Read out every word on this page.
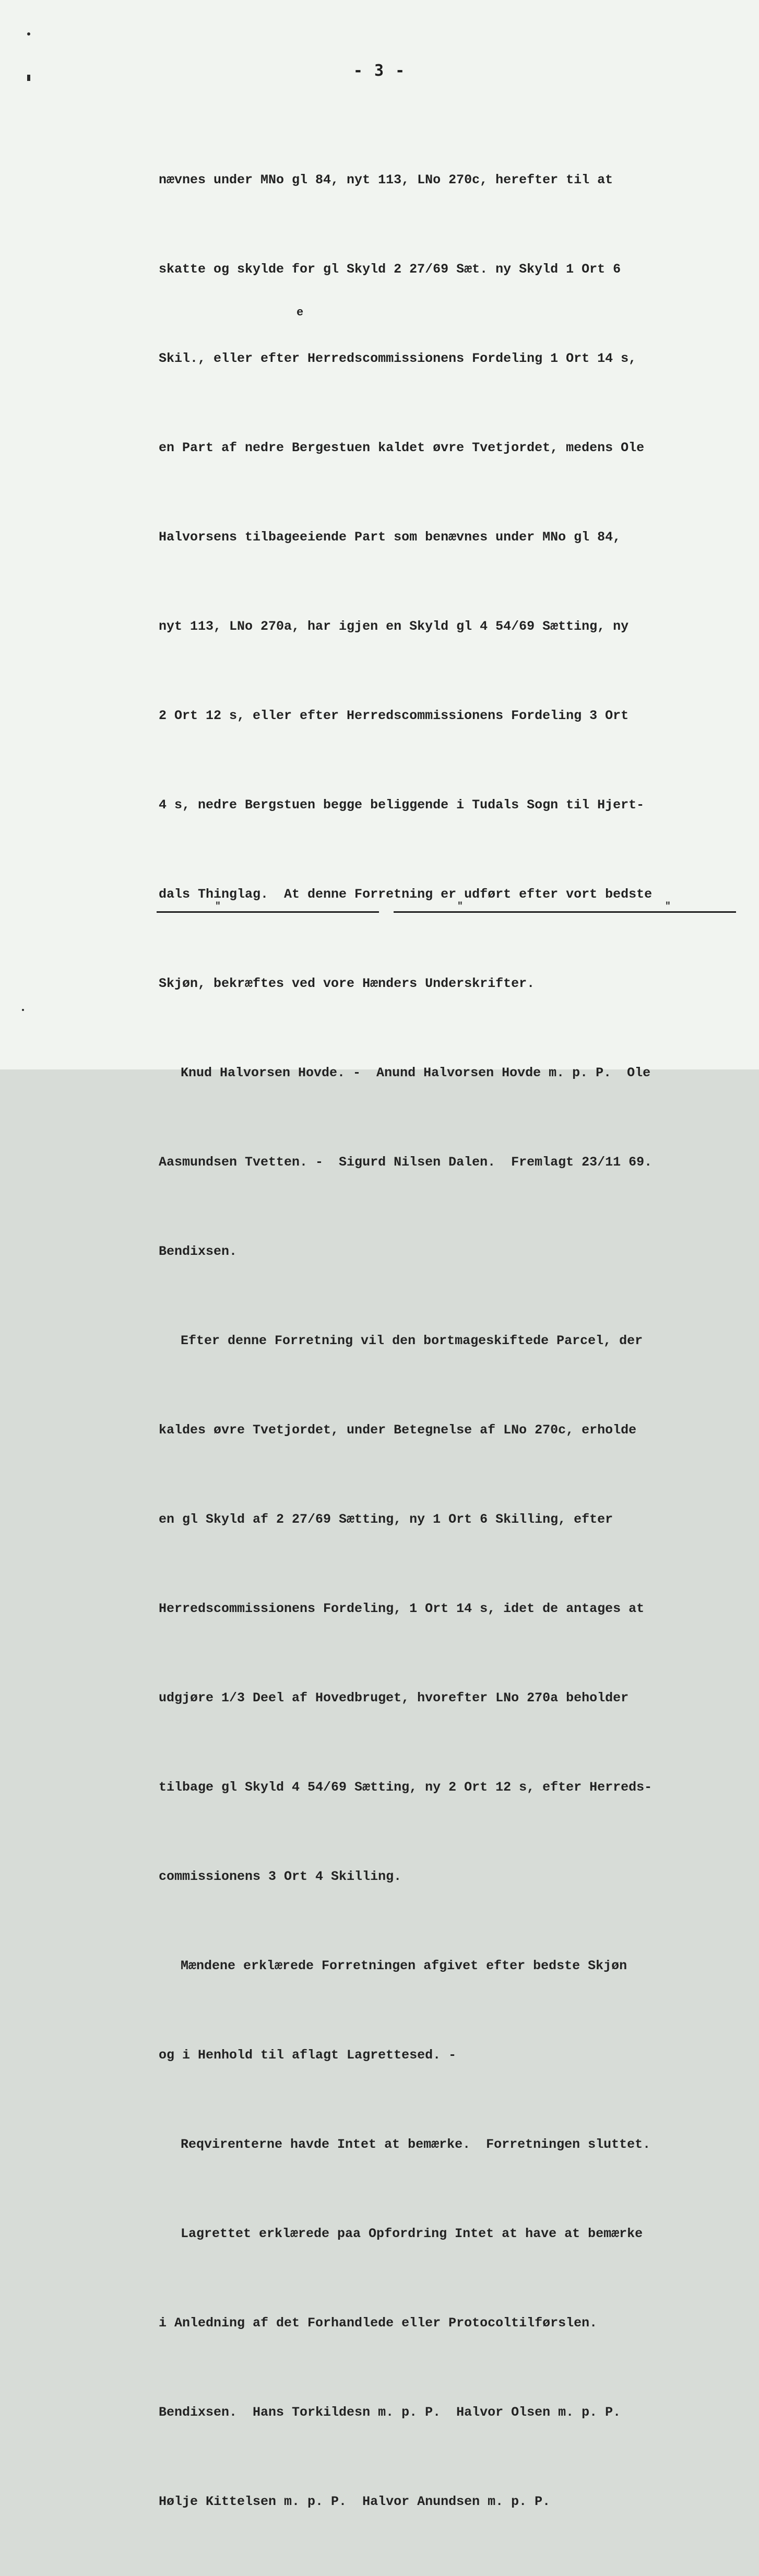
- 3 -
e

nævnes under MNo gl 84, nyt 113, LNo 270c, herefter til at

skatte og skylde for gl Skyld 2 27/69 Sæt. ny Skyld 1 Ort 6

Skil., eller efter Herredscommissionens Fordeling 1 Ort 14 s,

en Part af nedre Bergestuen kaldet øvre Tvetjordet, medens Ole

Halvorsens tilbageeiende Part som benævnes under MNo gl 84,

nyt 113, LNo 270a, har igjen en Skyld gl 4 54/69 Sætting, ny

2 Ort 12 s, eller efter Herredscommissionens Fordeling 3 Ort

4 s, nedre Bergstuen begge beliggende i Tudals Sogn til Hjert-

dals Thinglag.  At denne Forretning er udført efter vort bedste

Skjøn, bekræftes ved vore Hænders Underskrifter.

Knud Halvorsen Hovde. -  Anund Halvorsen Hovde m. p. P.  Ole

Aasmundsen Tvetten. -  Sigurd Nilsen Dalen.  Fremlagt 23/11 69.

Bendixsen.

Efter denne Forretning vil den bortmageskiftede Parcel, der

kaldes øvre Tvetjordet, under Betegnelse af LNo 270c, erholde

en gl Skyld af 2 27/69 Sætting, ny 1 Ort 6 Skilling, efter

Herredscommissionens Fordeling, 1 Ort 14 s, idet de antages at

udgjøre 1/3 Deel af Hovedbruget, hvorefter LNo 270a beholder

tilbage gl Skyld 4 54/69 Sætting, ny 2 Ort 12 s, efter Herreds-

commissionens 3 Ort 4 Skilling.

Mændene erklærede Forretningen afgivet efter bedste Skjøn

og i Henhold til aflagt Lagrettesed. -

Reqvirenterne havde Intet at bemærke.  Forretningen sluttet.

Lagrettet erklærede paa Opfordring Intet at have at bemærke

i Anledning af det Forhandlede eller Protocoltilførslen.

Bendixsen.  Hans Torkildesn m. p. P.  Halvor Olsen m. p. P.

Hølje Kittelsen m. p. P.  Halvor Anundsen m. p. P.

"	"	"
